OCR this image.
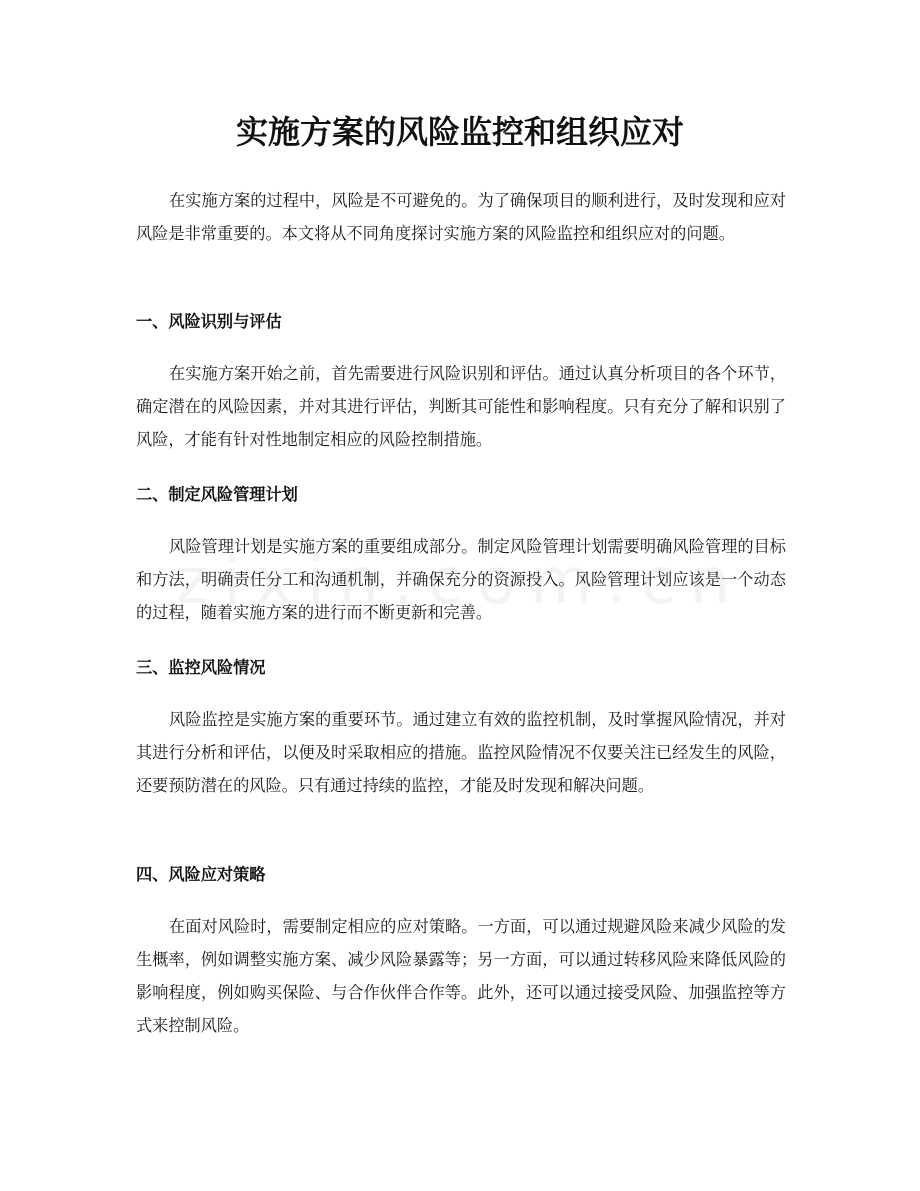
实施方案的风险监控和组织应对

在实施方案的过程中，风险是不可避免的。为了确保项目的顺利进行，及时发现和应对风险是非常重要的。本文将从不同角度探讨实施方案的风险监控和组织应对的问题。

一、风险识别与评估

在实施方案开始之前，首先需要进行风险识别和评估。通过认真分析项目的各个环节，确定潜在的风险因素，并对其进行评估，判断其可能性和影响程度。只有充分了解和识别了风险，才能有针对性地制定相应的风险控制措施。

二、制定风险管理计划

风险管理计划是实施方案的重要组成部分。制定风险管理计划需要明确风险管理的目标和方法，明确责任分工和沟通机制，并确保充分的资源投入。风险管理计划应该是一个动态的过程，随着实施方案的进行而不断更新和完善。

三、监控风险情况

风险监控是实施方案的重要环节。通过建立有效的监控机制，及时掌握风险情况，并对其进行分析和评估，以便及时采取相应的措施。监控风险情况不仅要关注已经发生的风险，还要预防潜在的风险。只有通过持续的监控，才能及时发现和解决问题。

四、风险应对策略

在面对风险时，需要制定相应的应对策略。一方面，可以通过规避风险来减少风险的发生概率，例如调整实施方案、减少风险暴露等；另一方面，可以通过转移风险来降低风险的影响程度，例如购买保险、与合作伙伴合作等。此外，还可以通过接受风险、加强监控等方式来控制风险。
